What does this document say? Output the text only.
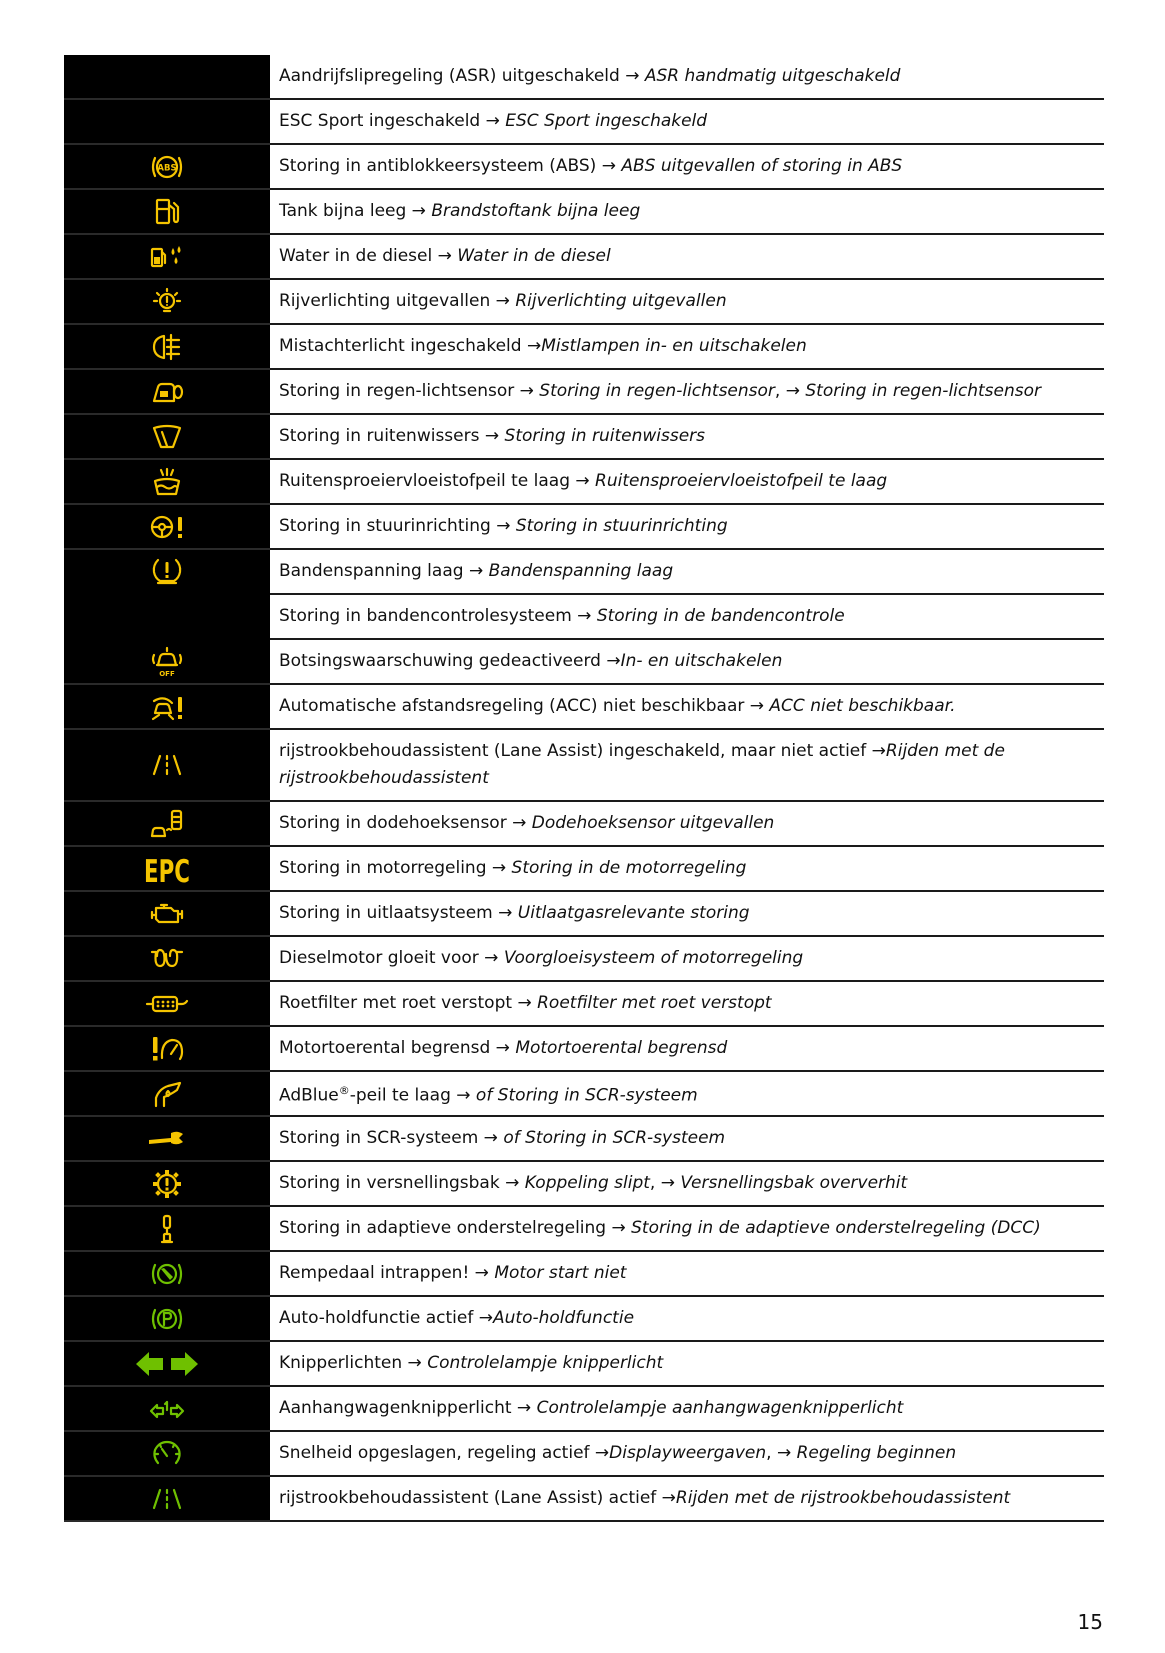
Aandrijfslipregeling (ASR) uitgeschakeld → ASR handmatig uitgeschakeld
ESC Sport ingeschakeld → ESC Sport ingeschakeld
ABS	Storing in antiblokkeersysteem (ABS) → ABS uitgevallen of storing in ABS
Tank bijna leeg → Brandstoftank bijna leeg
Water in de diesel → Water in de diesel
Rijverlichting uitgevallen → Rijverlichting uitgevallen
Mistachterlicht ingeschakeld →Mistlampen in- en uitschakelen
Storing in regen-lichtsensor → Storing in regen-lichtsensor, → Storing in regen-lichtsensor
Storing in ruitenwissers → Storing in ruitenwissers
Ruitensproeiervloeistofpeil te laag → Ruitensproeiervloeistofpeil te laag
Storing in stuurinrichting → Storing in stuurinrichting
Bandenspanning laag → Bandenspanning laag
Storing in bandencontrolesysteem → Storing in de bandencontrole
OFF
Botsingswaarschuwing gedeactiveerd →In- en uitschakelen
Automatische afstandsregeling (ACC) niet beschikbaar → ACC niet beschikbaar.
rijstrookbehoudassistent (Lane Assist) ingeschakeld, maar niet actief →Rijden met de rijstrookbehoudassistent
Storing in dodehoeksensor → Dodehoeksensor uitgevallen
EPC	Storing in motorregeling → Storing in de motorregeling
Storing in uitlaatsysteem → Uitlaatgasrelevante storing
Dieselmotor gloeit voor → Voorgloeisysteem of motorregeling
Roetfilter met roet verstopt → Roetfilter met roet verstopt
Motortoerental begrensd → Motortoerental begrensd
AdBlue®-peil te laag → of Storing in SCR-systeem
Storing in SCR-systeem → of Storing in SCR-systeem
Storing in versnellingsbak → Koppeling slipt, → Versnellingsbak oververhit
Storing in adaptieve onderstelregeling → Storing in de adaptieve onderstelregeling (DCC)
Rempedaal intrappen! → Motor start niet
Auto-holdfunctie actief →Auto-holdfunctie
Knipperlichten → Controlelampje knipperlicht
Aanhangwagenknipperlicht → Controlelampje aanhangwagenknipperlicht
Snelheid opgeslagen, regeling actief →Displayweergaven, → Regeling beginnen
rijstrookbehoudassistent (Lane Assist) actief →Rijden met de rijstrookbehoudassistent
15
